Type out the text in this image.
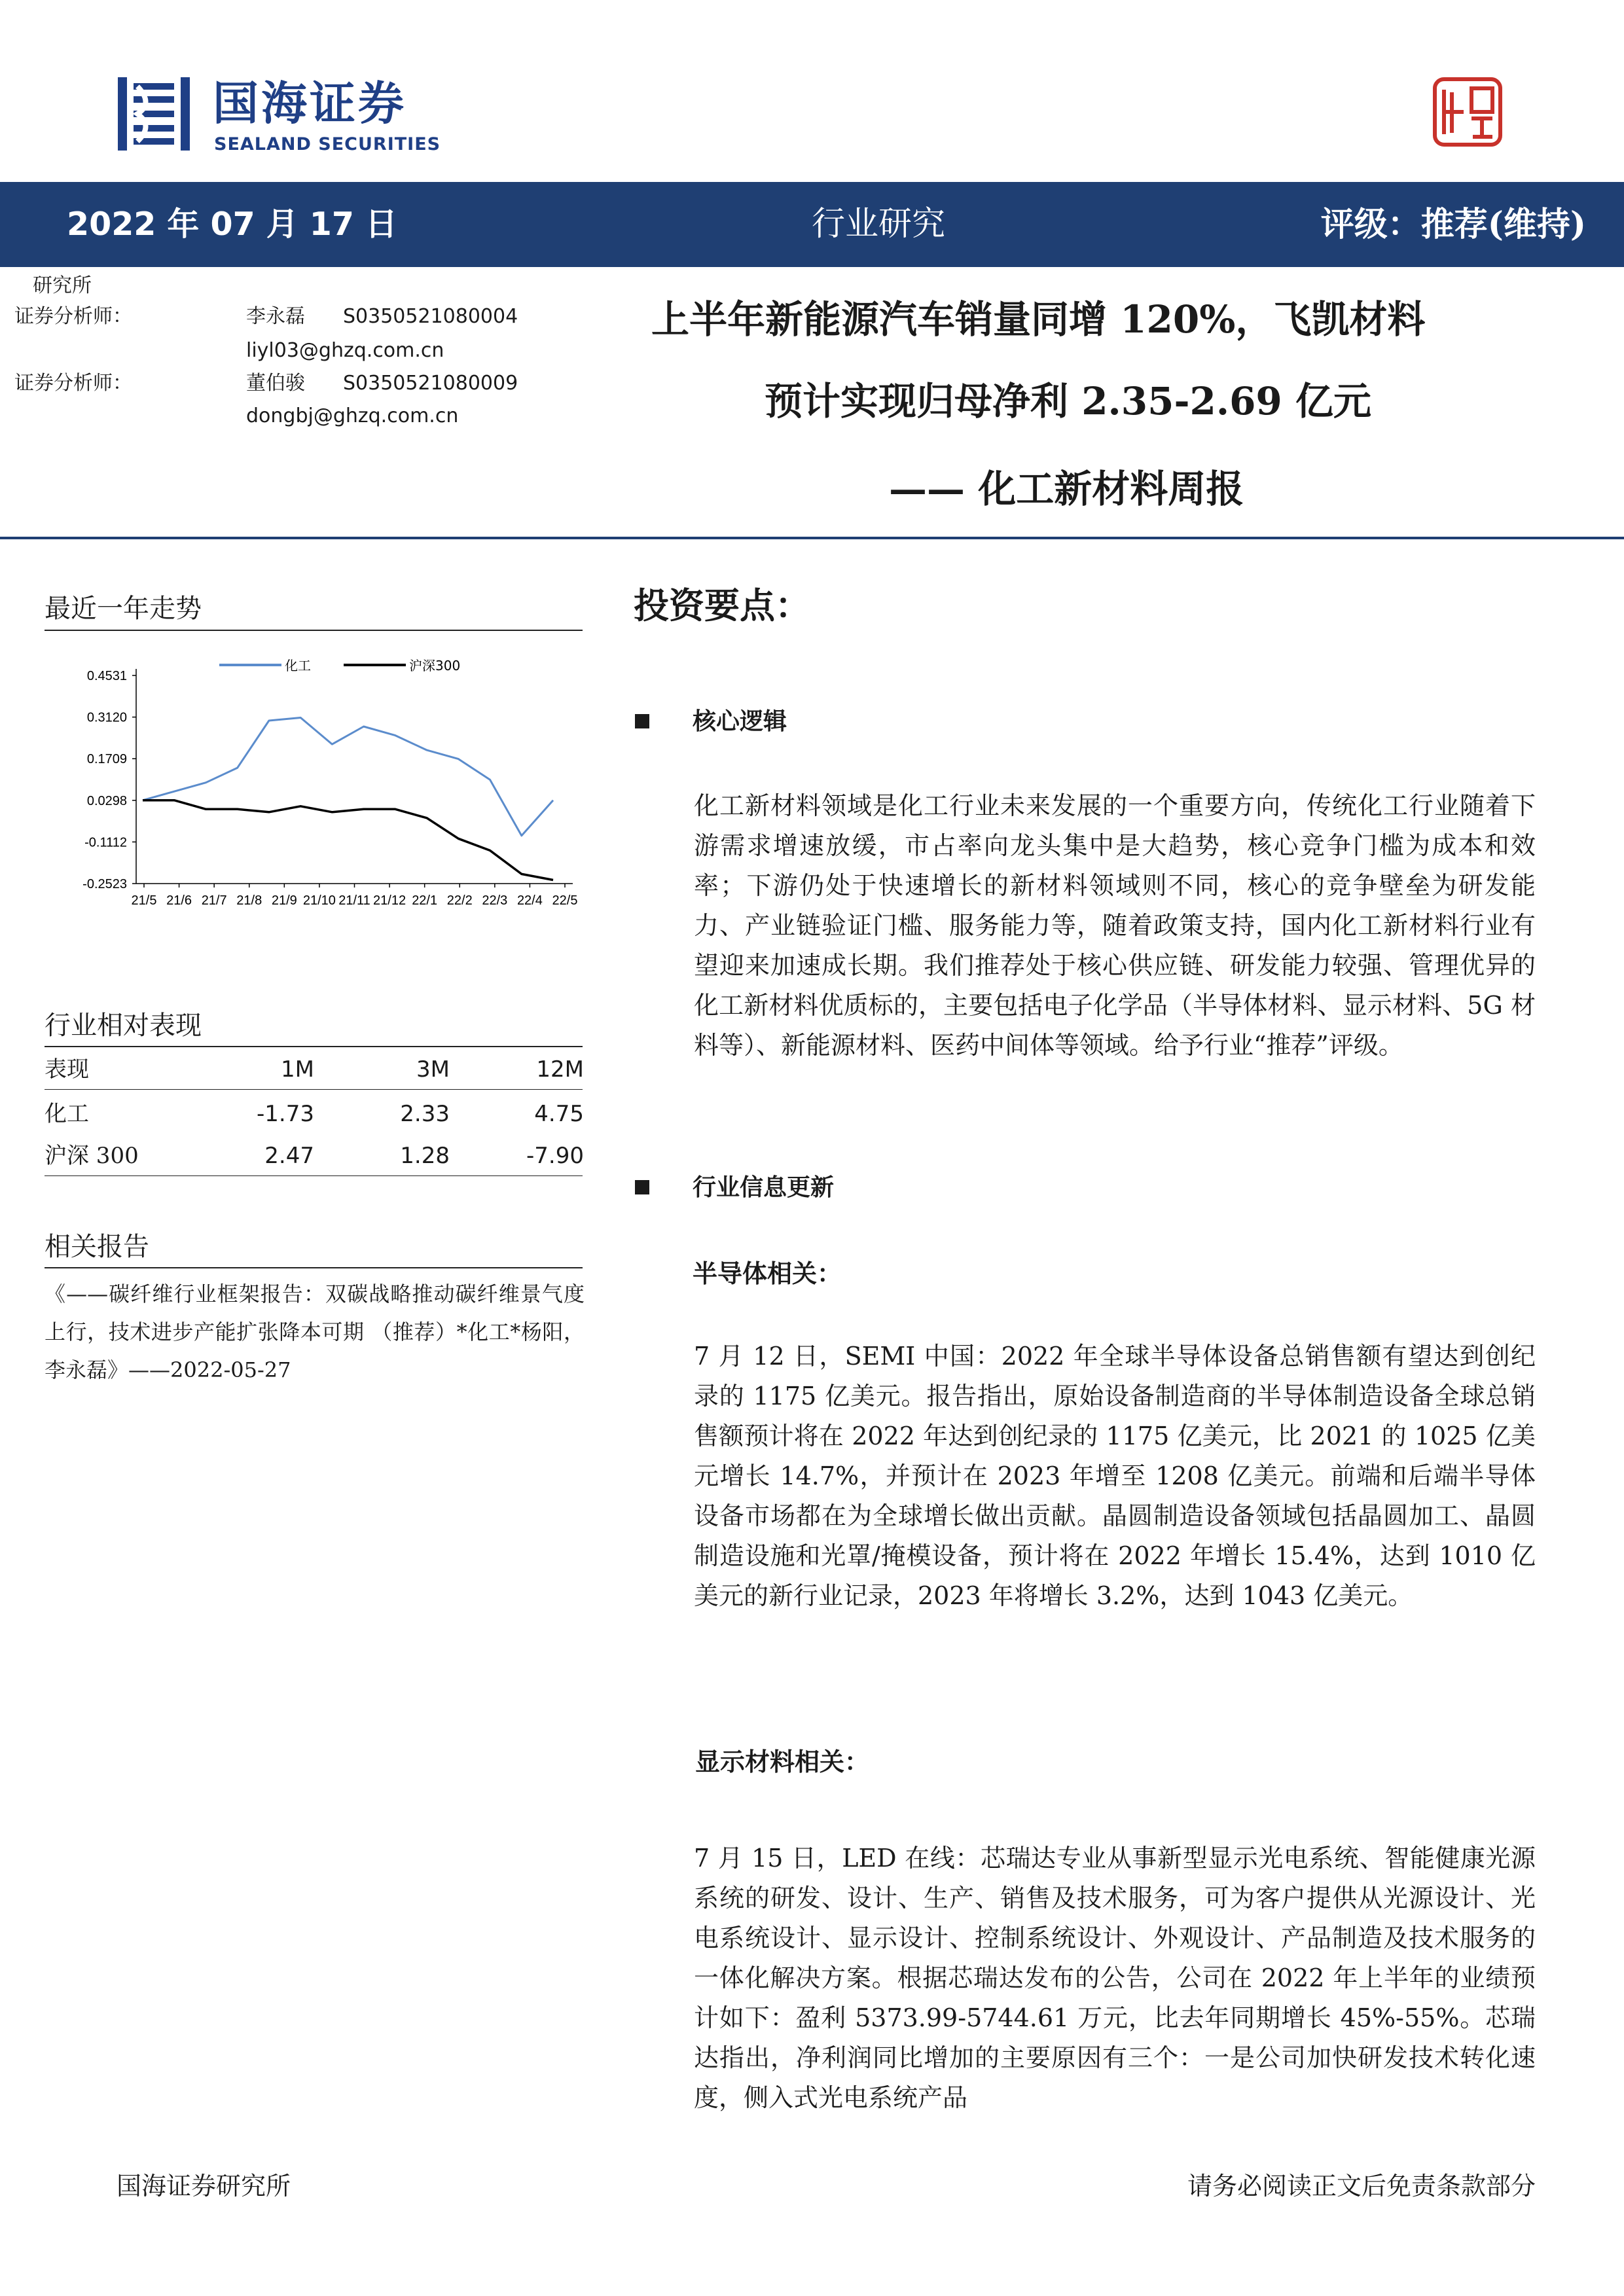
国海证券
SEALAND SECURITIES
2022 年 07 月 17 日	行业研究	评级：推荐(维持)
研究所
证券分析师：	李永磊 S0350521080004
liyl03@ghzq.com.cn
证券分析师：	董伯骏 S0350521080009
dongbj@ghzq.com.cn
上半年新能源汽车销量同增 120%，飞凯材料
预计实现归母净利 2.35-2.69 亿元
—— 化工新材料周报
最近一年走势
0.4531
0.3120
0.1709
0.0298
-0.1112
-0.2523
21/5 21/6 21/7 21/8 21/9 21/10 21/11 21/12 22/1 22/2 22/3 22/4 22/5
化工	沪深300
行业相对表现
表现	1M	3M	12M
化工	-1.73	2.33	4.75
沪深 300	2.47	1.28	-7.90
相关报告
《——碳纤维行业框架报告：双碳战略推动碳纤维景气度上行，技术进步产能扩张降本可期 （推荐）*化工*杨阳，李永磊》——2022-05-27
投资要点：
核心逻辑
化工新材料领域是化工行业未来发展的一个重要方向，传统化工行业随着下游需求增速放缓，市占率向龙头集中是大趋势，核心竞争门槛为成本和效率；下游仍处于快速增长的新材料领域则不同，核心的竞争壁垒为研发能力、产业链验证门槛、服务能力等，随着政策支持，国内化工新材料行业有望迎来加速成长期。我们推荐处于核心供应链、研发能力较强、管理优异的化工新材料优质标的，主要包括电子化学品（半导体材料、显示材料、5G 材料等）、新能源材料、医药中间体等领域。给予行业“推荐”评级。
行业信息更新
半导体相关：
7 月 12 日，SEMI 中国：2022 年全球半导体设备总销售额有望达到创纪录的 1175 亿美元。报告指出，原始设备制造商的半导体制造设备全球总销售额预计将在 2022 年达到创纪录的 1175 亿美元，比 2021 的 1025 亿美元增长 14.7%，并预计在 2023 年增至 1208 亿美元。前端和后端半导体设备市场都在为全球增长做出贡献。晶圆制造设备领域包括晶圆加工、晶圆制造设施和光罩/掩模设备，预计将在 2022 年增长 15.4%，达到 1010 亿美元的新行业记录，2023 年将增长 3.2%，达到 1043 亿美元。
显示材料相关：
7 月 15 日，LED 在线：芯瑞达专业从事新型显示光电系统、智能健康光源系统的研发、设计、生产、销售及技术服务，可为客户提供从光源设计、光电系统设计、显示设计、控制系统设计、外观设计、产品制造及技术服务的一体化解决方案。根据芯瑞达发布的公告，公司在 2022 年上半年的业绩预计如下：盈利 5373.99-5744.61 万元，比去年同期增长 45%-55%。芯瑞达指出，净利润同比增加的主要原因有三个：一是公司加快研发技术转化速度，侧入式光电系统产品
国海证券研究所	请务必阅读正文后免责条款部分
